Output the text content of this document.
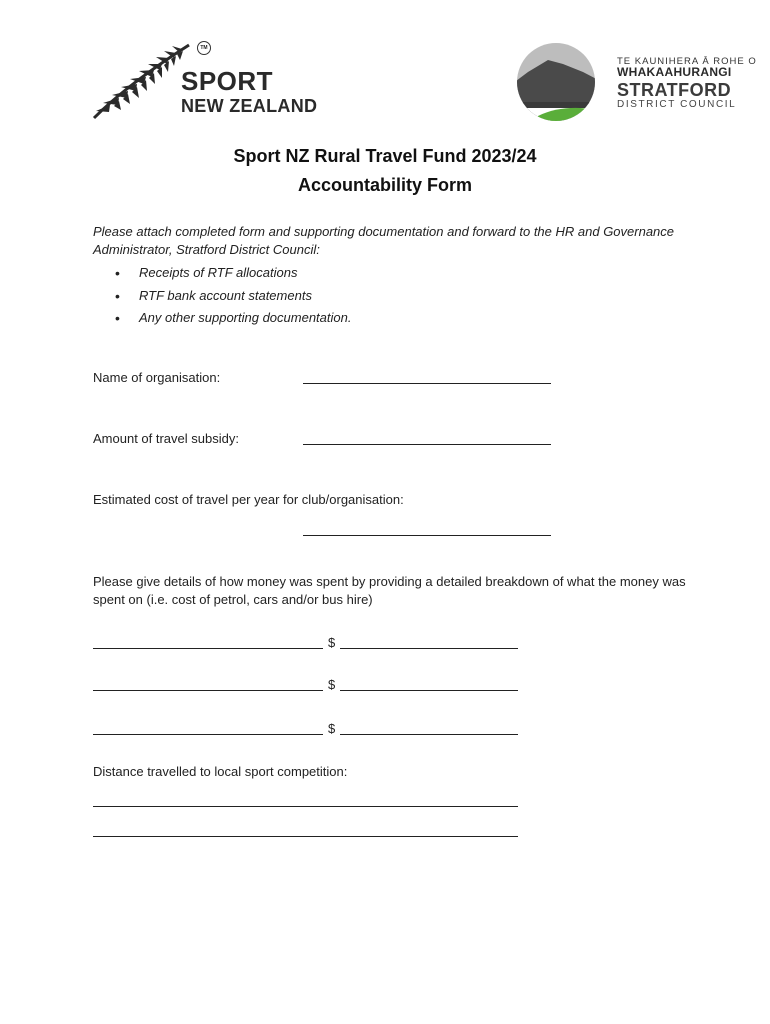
TM
SPORT
NEW ZEALAND
TE KAUNIHERA Ā ROHE O
WHAKAAHURANGI
STRATFORD
DISTRICT COUNCIL
Sport NZ Rural Travel Fund 2023/24
Accountability Form
Please attach completed form and supporting documentation and forward to the HR and Governance Administrator, Stratford District Council:
• Receipts of RTF allocations
• RTF bank account statements
• Any other supporting documentation.
Name of organisation:
Amount of travel subsidy:
Estimated cost of travel per year for club/organisation:
Please give details of how money was spent by providing a detailed breakdown of what the money was spent on (i.e. cost of petrol, cars and/or bus hire)
$
$
$
Distance travelled to local sport competition:
